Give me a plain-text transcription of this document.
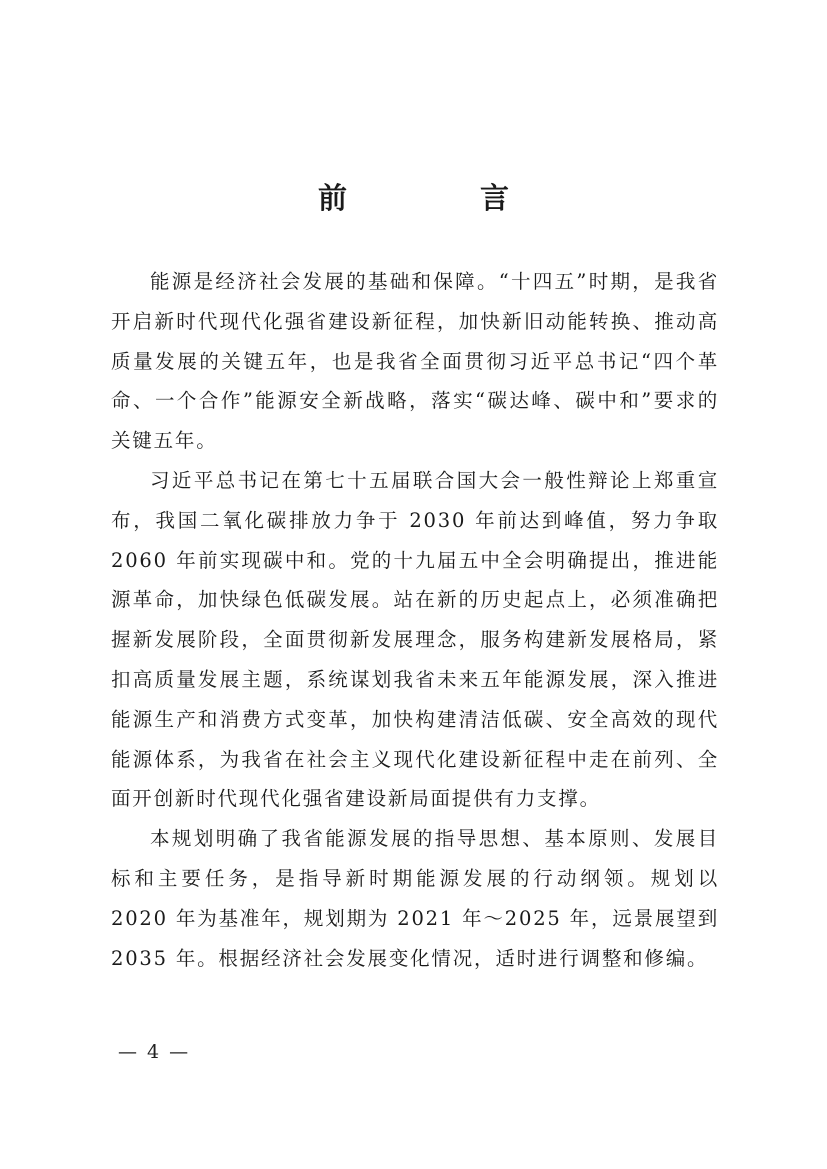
前　言

能源是经济社会发展的基础和保障。“十四五”时期，是我省开启新时代现代化强省建设新征程，加快新旧动能转换、推动高质量发展的关键五年，也是我省全面贯彻习近平总书记“四个革命、一个合作”能源安全新战略，落实“碳达峰、碳中和”要求的关键五年。

习近平总书记在第七十五届联合国大会一般性辩论上郑重宣布，我国二氧化碳排放力争于 2030 年前达到峰值，努力争取 2060 年前实现碳中和。党的十九届五中全会明确提出，推进能源革命，加快绿色低碳发展。站在新的历史起点上，必须准确把握新发展阶段，全面贯彻新发展理念，服务构建新发展格局，紧扣高质量发展主题，系统谋划我省未来五年能源发展，深入推进能源生产和消费方式变革，加快构建清洁低碳、安全高效的现代能源体系，为我省在社会主义现代化建设新征程中走在前列、全面开创新时代现代化强省建设新局面提供有力支撑。

本规划明确了我省能源发展的指导思想、基本原则、发展目标和主要任务，是指导新时期能源发展的行动纲领。规划以 2020 年为基准年，规划期为 2021 年～2025 年，远景展望到 2035 年。根据经济社会发展变化情况，适时进行调整和修编。

— 4 —
